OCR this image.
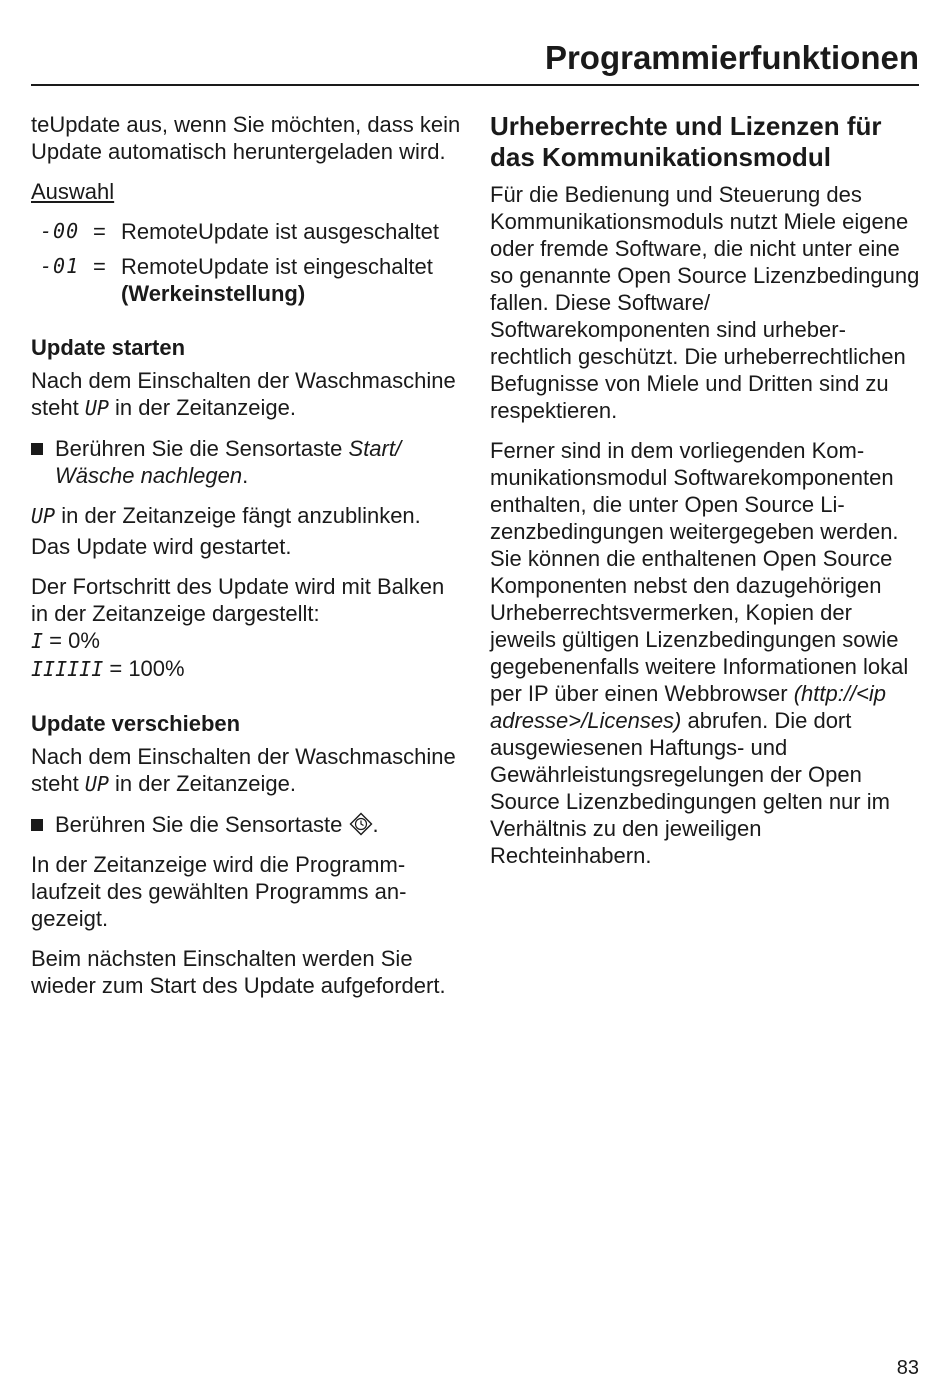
Programmierfunktionen

teUpdate aus, wenn Sie möchten, dass kein Update automatisch heruntergeladen wird.

Auswahl

-00 = RemoteUpdate ist ausgeschaltet
-01 = RemoteUpdate ist eingeschaltet (Werkeinstellung)
Update starten

Nach dem Einschalten der Waschmaschine steht UP in der Zeitanzeige.

Berühren Sie die Sensortaste Start/ Wäsche nachlegen.

UP in der Zeitanzeige fängt anzublinken.

Das Update wird gestartet.

Der Fortschritt des Update wird mit Balken in der Zeitanzeige dargestellt:
I = 0%
IIIIII = 100%

Update verschieben

Nach dem Einschalten der Waschmaschine steht UP in der Zeitanzeige.

Berühren Sie die Sensortaste .

In der Zeitanzeige wird die Programmlaufzeit des gewählten Programms angezeigt.

Beim nächsten Einschalten werden Sie wieder zum Start des Update aufgefordert.

Urheberrechte und Lizenzen für das Kommunikationsmodul

Für die Bedienung und Steuerung des Kommunikationsmoduls nutzt Miele eigene oder fremde Software, die nicht unter eine so genannte Open Source Lizenzbedingung fallen. Diese Software/ Softwarekomponenten sind urheberrechtlich geschützt. Die urheberrechtlichen Befugnisse von Miele und Dritten sind zu respektieren.

Ferner sind in dem vorliegenden Kommunikationsmodul Softwarekomponenten enthalten, die unter Open Source Lizenzbedingungen weitergegeben werden. Sie können die enthaltenen Open Source Komponenten nebst den dazugehörigen Urheberrechtsvermerken, Kopien der jeweils gültigen Lizenzbedingungen sowie gegebenenfalls weitere Informationen lokal per IP über einen Webbrowser (http://<ip adresse>/Licenses) abrufen. Die dort ausgewiesenen Haftungs- und Gewährleistungsregelungen der Open Source Lizenzbedingungen gelten nur im Verhältnis zu den jeweiligen Rechteinhabern.

83
